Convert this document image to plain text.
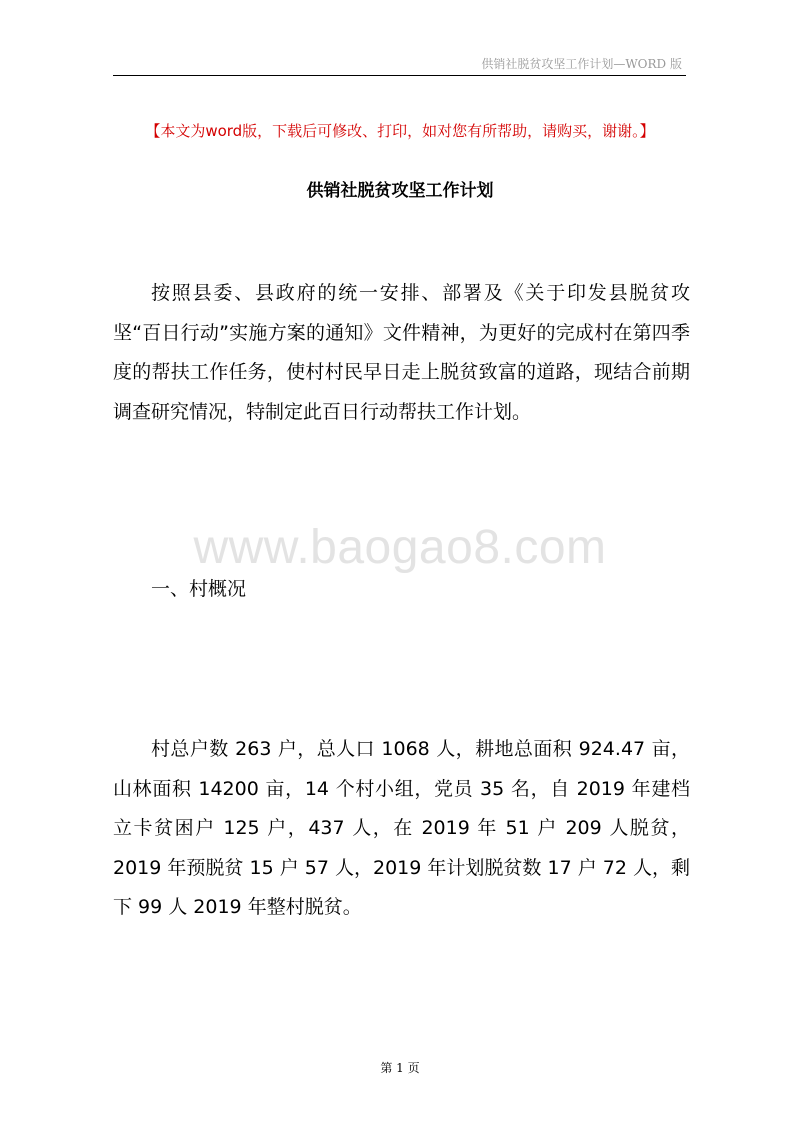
供销社脱贫攻坚工作计划—WORD 版
【本文为word版，下载后可修改、打印，如对您有所帮助，请购买，谢谢。】
供销社脱贫攻坚工作计划

按照县委、县政府的统一安排、部署及《关于印发县脱贫攻坚“百日行动”实施方案的通知》文件精神，为更好的完成村在第四季度的帮扶工作任务，使村村民早日走上脱贫致富的道路，现结合前期调查研究情况，特制定此百日行动帮扶工作计划。

www.baogao8.com
一、村概况

村总户数 263 户，总人口 1068 人，耕地总面积 924.47 亩，山林面积 14200 亩，14 个村小组，党员 35 名，自 2019 年建档立卡贫困户 125 户，437 人，在 2019 年 51 户 209 人脱贫，2019 年预脱贫 15 户 57 人，2019 年计划脱贫数 17 户 72 人，剩下 99 人 2019 年整村脱贫。

第 1 页
